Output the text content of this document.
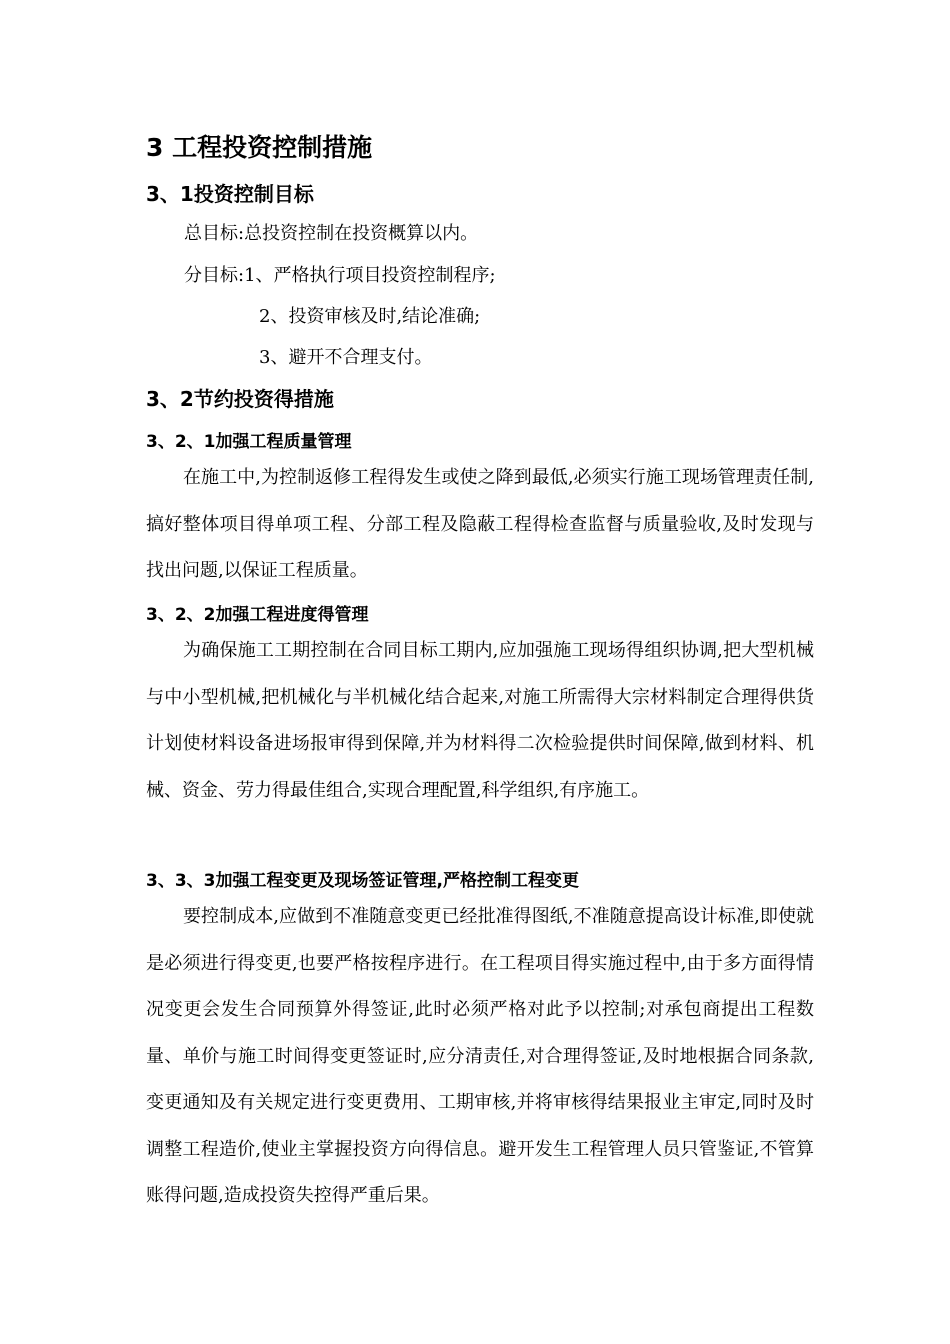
3 工程投资控制措施
3、1投资控制目标
总目标:总投资控制在投资概算以内。
分目标:1、严格执行项目投资控制程序;
2、投资审核及时,结论准确;
3、避开不合理支付。
3、2节约投资得措施
3、2、1加强工程质量管理

在施工中,为控制返修工程得发生或使之降到最低,必须实行施工现场管理责任制,搞好整体项目得单项工程、分部工程及隐蔽工程得检查监督与质量验收,及时发现与找出问题,以保证工程质量。

3、2、2加强工程进度得管理

为确保施工工期控制在合同目标工期内,应加强施工现场得组织协调,把大型机械与中小型机械,把机械化与半机械化结合起来,对施工所需得大宗材料制定合理得供货计划使材料设备进场报审得到保障,并为材料得二次检验提供时间保障,做到材料、机械、资金、劳力得最佳组合,实现合理配置,科学组织,有序施工。

3、3、3加强工程变更及现场签证管理,严格控制工程变更

要控制成本,应做到不准随意变更已经批准得图纸,不准随意提高设计标准,即使就是必须进行得变更,也要严格按程序进行。在工程项目得实施过程中,由于多方面得情况变更会发生合同预算外得签证,此时必须严格对此予以控制;对承包商提出工程数量、单价与施工时间得变更签证时,应分清责任,对合理得签证,及时地根据合同条款,变更通知及有关规定进行变更费用、工期审核,并将审核得结果报业主审定,同时及时调整工程造价,使业主掌握投资方向得信息。避开发生工程管理人员只管鉴证,不管算账得问题,造成投资失控得严重后果。
